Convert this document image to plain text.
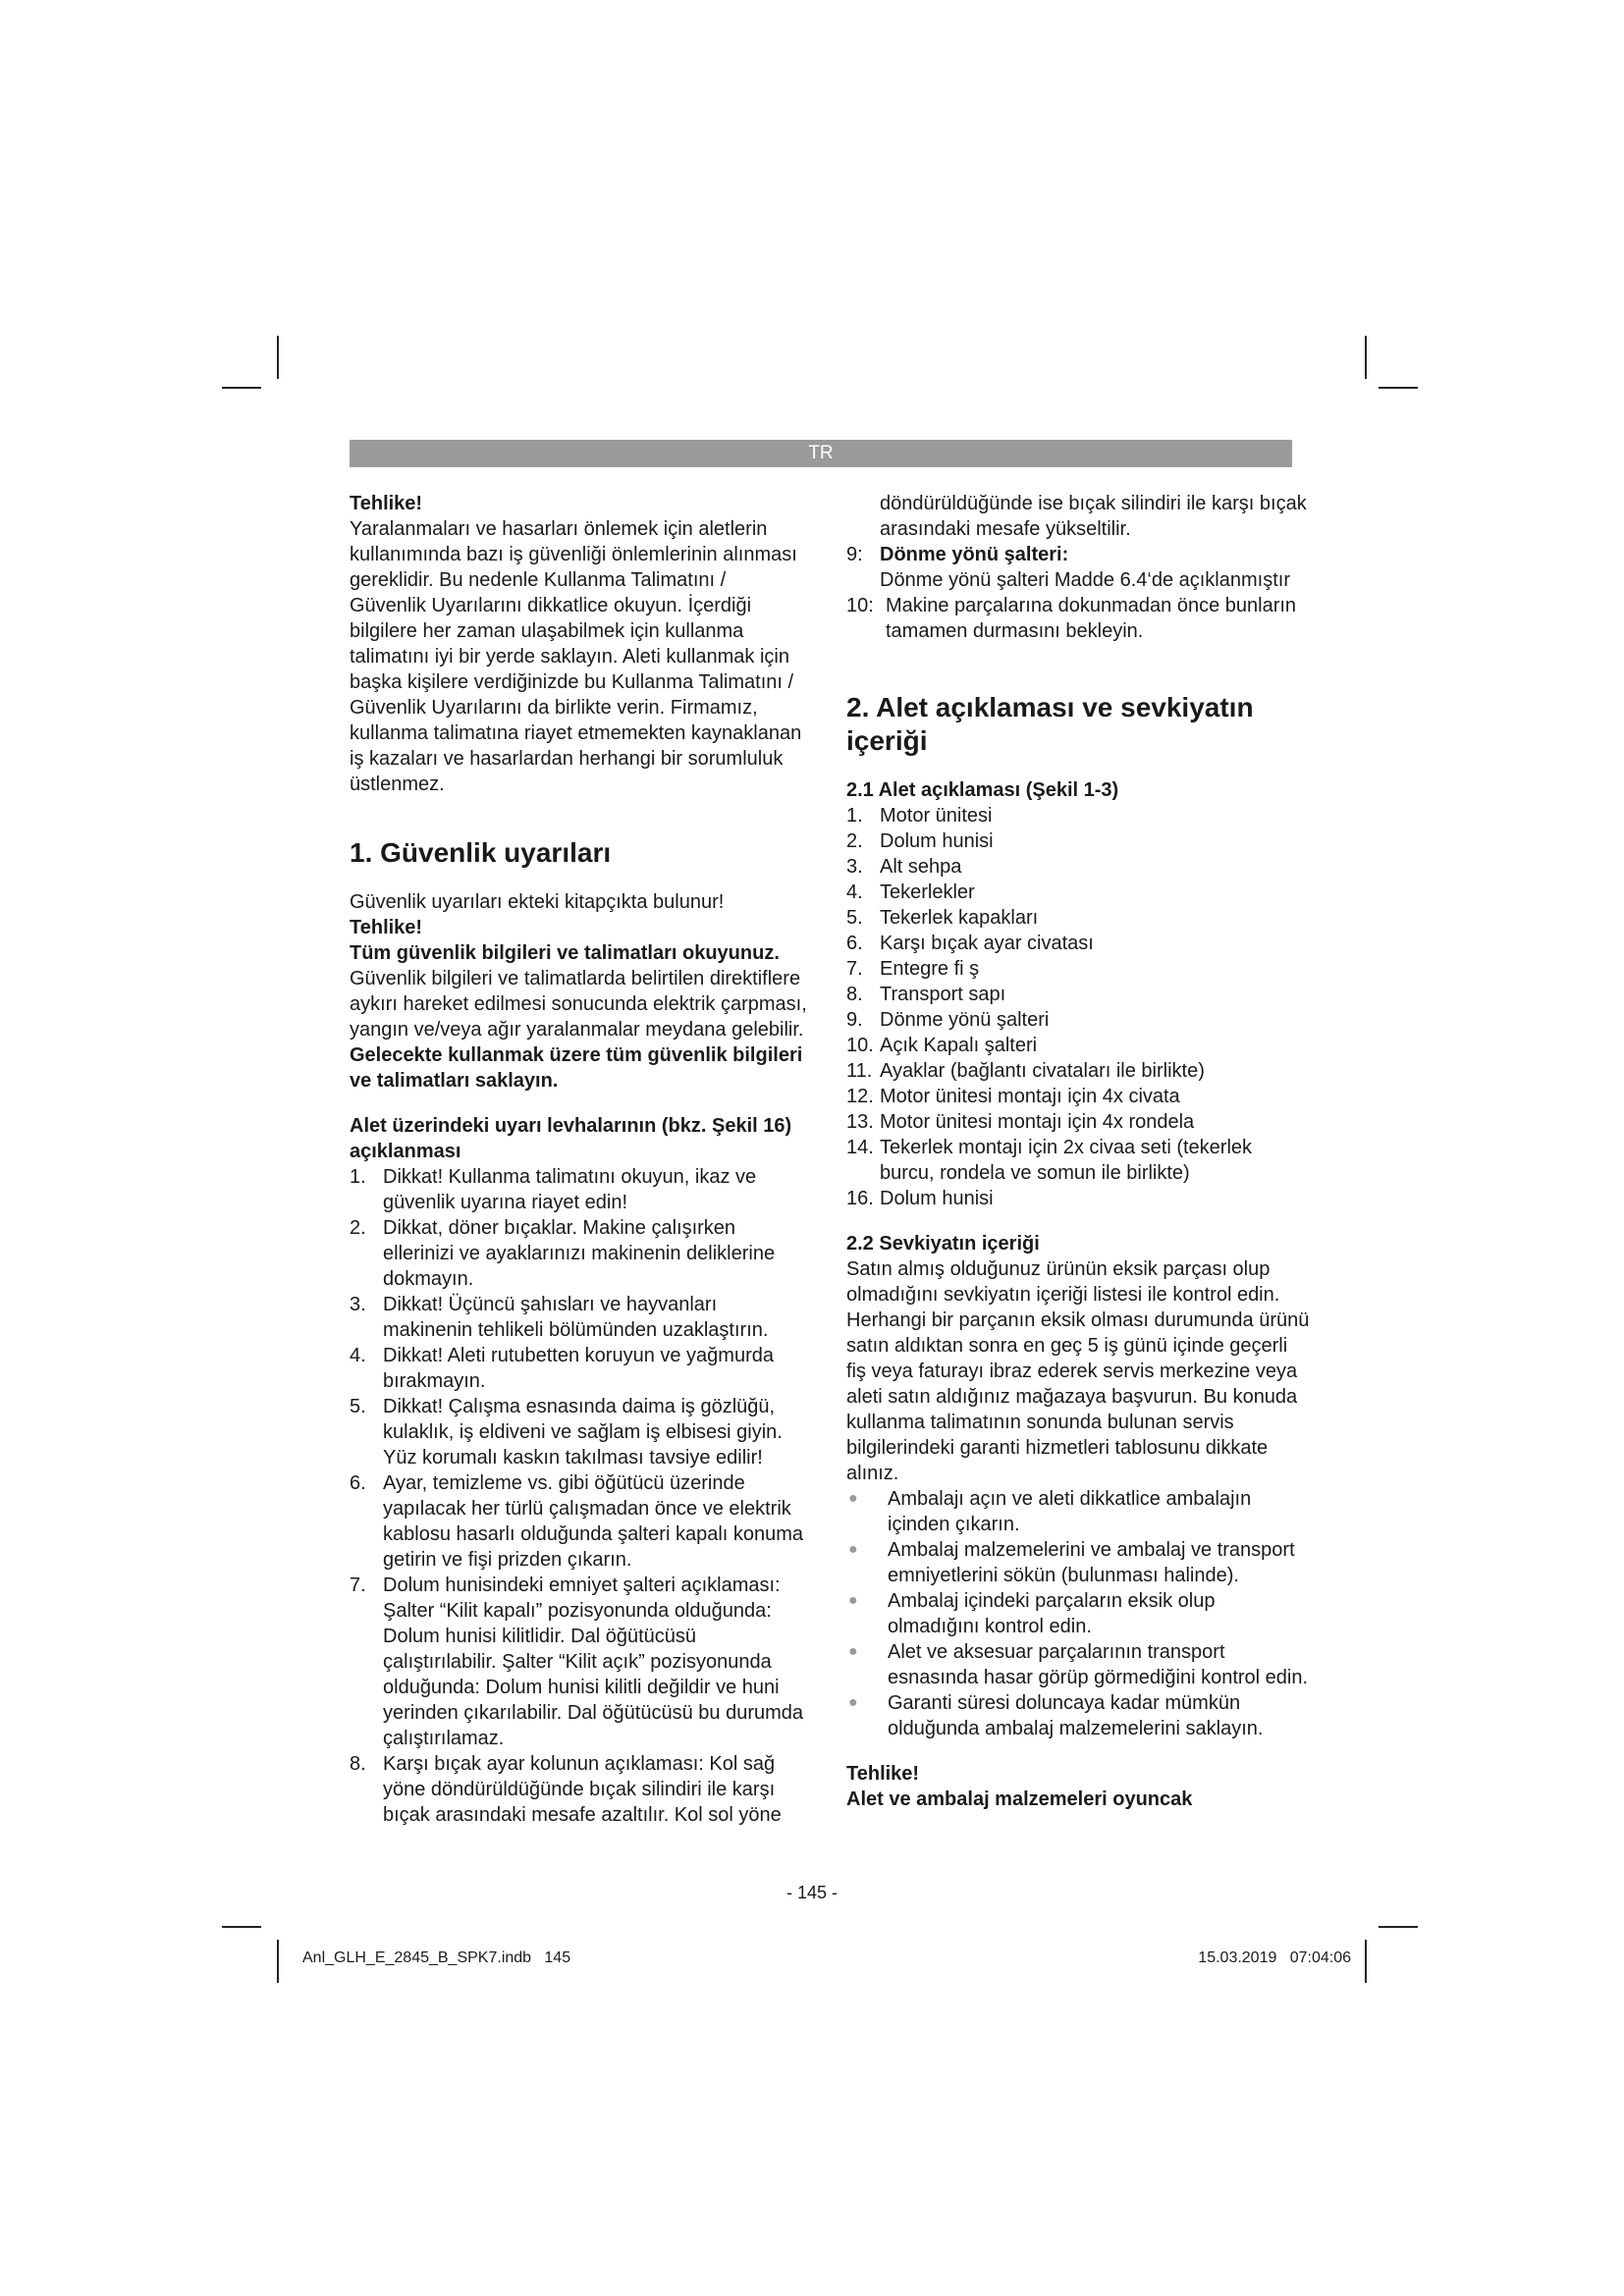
TR

Tehlike!

Yaralanmaları ve hasarları önlemek için aletlerin kullanımında bazı iş güvenliği önlemlerinin alınması gereklidir. Bu nedenle Kullanma Talimatını / Güvenlik Uyarılarını dikkatlice okuyun. İçerdiği bilgilere her zaman ulaşabilmek için kullanma talimatını iyi bir yerde saklayın. Aleti kullanmak için başka kişilere verdiğinizde bu Kullanma Talimatını / Güvenlik Uyarılarını da birlikte verin. Firmamız, kullanma talimatına riayet etmemekten kaynaklanan iş kazaları ve hasarlardan herhangi bir sorumluluk üstlenmez.

1. Güvenlik uyarıları

Güvenlik uyarıları ekteki kitapçıkta bulunur!

Tehlike!

Tüm güvenlik bilgileri ve talimatları okuyunuz. Güvenlik bilgileri ve talimatlarda belirtilen direktiflere aykırı hareket edilmesi sonucunda elektrik çarpması, yangın ve/veya ağır yaralanmalar meydana gelebilir. Gelecekte kullanmak üzere tüm güvenlik bilgileri ve talimatları saklayın.

Alet üzerindeki uyarı levhalarının (bkz. Şekil 16) açıklanması
1. Dikkat! Kullanma talimatını okuyun, ikaz ve güvenlik uyarına riayet edin!
2. Dikkat, döner bıçaklar. Makine çalışırken ellerinizi ve ayaklarınızı makinenin deliklerine dokmayın.
3. Dikkat! Üçüncü şahısları ve hayvanları makinenin tehlikeli bölümünden uzaklaştırın.
4. Dikkat! Aleti rutubetten koruyun ve yağmurda bırakmayın.
5. Dikkat! Çalışma esnasında daima iş gözlüğü, kulaklık, iş eldiveni ve sağlam iş elbisesi giyin. Yüz korumalı kaskın takılması tavsiye edilir!
6. Ayar, temizleme vs. gibi öğütücü üzerinde yapılacak her türlü çalışmadan önce ve elektrik kablosu hasarlı olduğunda şalteri kapalı konuma getirin ve fişi prizden çıkarın.
7. Dolum hunisindeki emniyet şalteri açıklaması: Şalter “Kilit kapalı” pozisyonunda olduğunda: Dolum hunisi kilitlidir. Dal öğütücüsü çalıştırılabilir. Şalter “Kilit açık” pozisyonunda olduğunda: Dolum hunisi kilitli değildir ve huni yerinden çıkarılabilir. Dal öğütücüsü bu durumda çalıştırılamaz.
8. Karşı bıçak ayar kolunun açıklaması: Kol sağ yöne döndürüldüğünde bıçak silindiri ile karşı bıçak arasındaki mesafe azaltılır. Kol sol yöne
döndürüldüğünde ise bıçak silindiri ile karşı bıçak arasındaki mesafe yükseltilir.
9: Dönme yönü şalteri:
Dönme yönü şalteri Madde 6.4‘de açıklanmıştır
10: Makine parçalarına dokunmadan önce bunların tamamen durmasını bekleyin.
2. Alet açıklaması ve sevkiyatın içeriği
2.1 Alet açıklaması (Şekil 1-3)
1. Motor ünitesi
2. Dolum hunisi
3. Alt sehpa
4. Tekerlekler
5. Tekerlek kapakları
6. Karşı bıçak ayar civatası
7. Entegre fi ş
8. Transport sapı
9. Dönme yönü şalteri
10. Açık Kapalı şalteri
11. Ayaklar (bağlantı civataları ile birlikte)
12. Motor ünitesi montajı için 4x civata
13. Motor ünitesi montajı için 4x rondela
14. Tekerlek montajı için 2x civaa seti (tekerlek burcu, rondela ve somun ile birlikte)
16. Dolum hunisi
2.2 Sevkiyatın içeriği

Satın almış olduğunuz ürünün eksik parçası olup olmadığını sevkiyatın içeriği listesi ile kontrol edin. Herhangi bir parçanın eksik olması durumunda ürünü satın aldıktan sonra en geç 5 iş günü içinde geçerli fiş veya faturayı ibraz ederek servis merkezine veya aleti satın aldığınız mağazaya başvurun. Bu konuda kullanma talimatının sonunda bulunan servis bilgilerindeki garanti hizmetleri tablosunu dikkate alınız.

●	Ambalajı açın ve aleti dikkatlice ambalajın içinden çıkarın.
●	Ambalaj malzemelerini ve ambalaj ve transport emniyetlerini sökün (bulunması halinde).
●	Ambalaj içindeki parçaların eksik olup olmadığını kontrol edin.
●	Alet ve aksesuar parçalarının transport esnasında hasar görüp görmediğini kontrol edin.
●	Garanti süresi doluncaya kadar mümkün olduğunda ambalaj malzemelerini saklayın.

Tehlike!

Alet ve ambalaj malzemeleri oyuncak

- 145 -
Anl_GLH_E_2845_B_SPK7.indb   145	15.03.2019   07:04:06
